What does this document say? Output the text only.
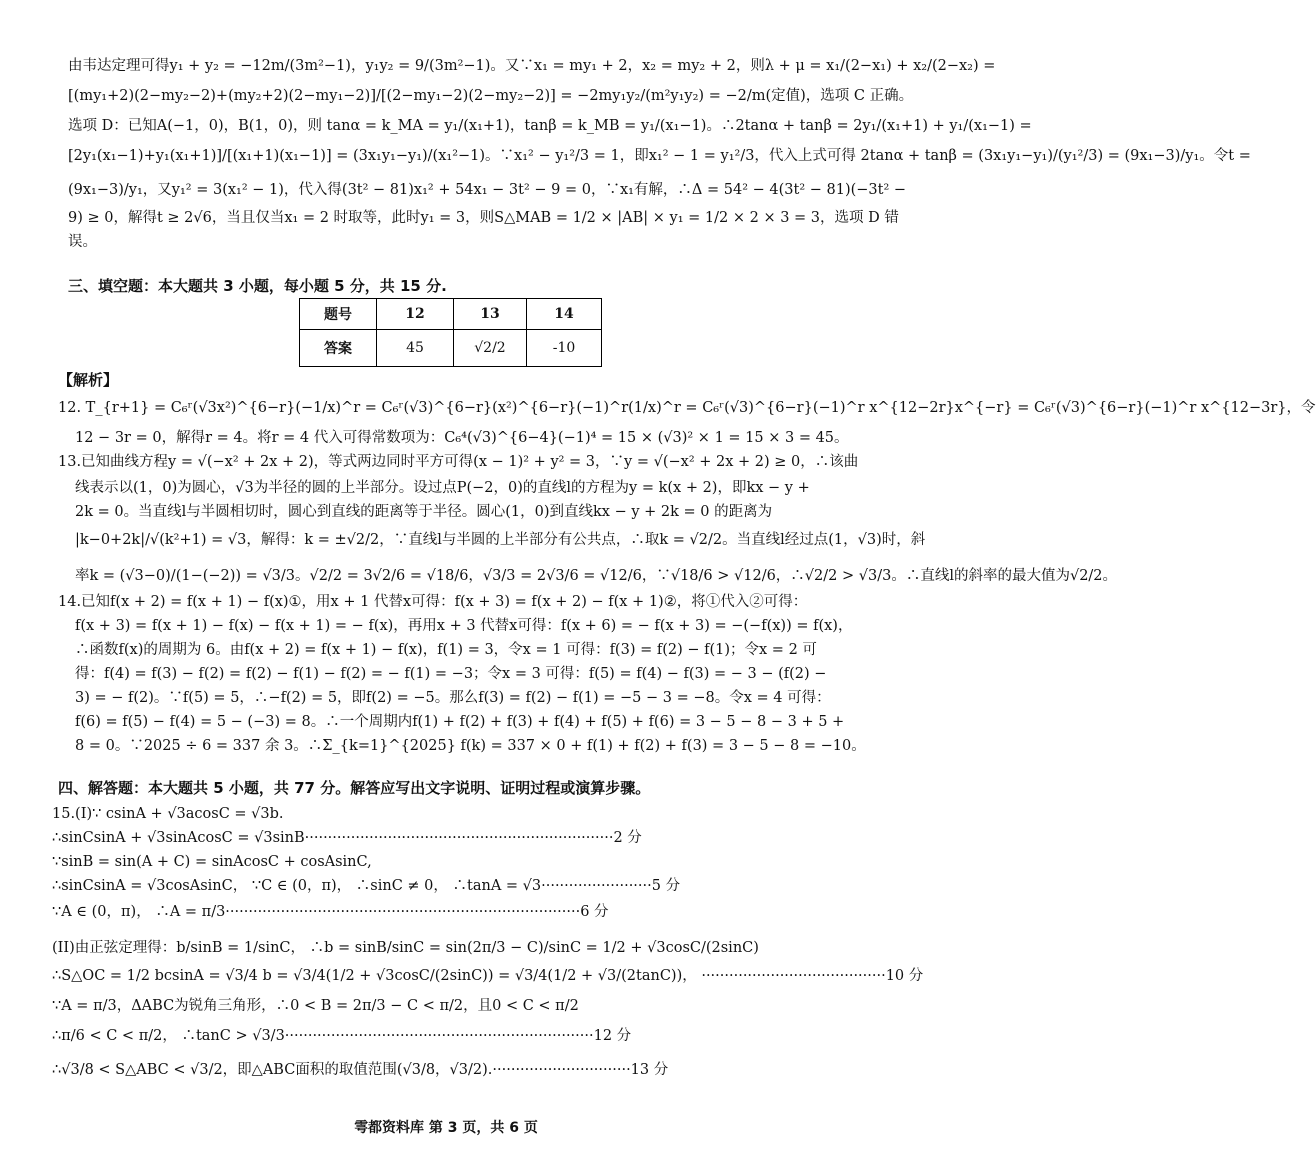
由韦达定理可得y₁ + y₂ = −12m/(3m²−1)，y₁y₂ = 9/(3m²−1)。又∵x₁ = my₁ + 2，x₂ = my₂ + 2，则λ + μ = x₁/(2−x₁) + x₂/(2−x₂) =
[(my₁+2)(2−my₂−2)+(my₂+2)(2−my₁−2)]/[(2−my₁−2)(2−my₂−2)] = −2my₁y₂/(m²y₁y₂) = −2/m(定值)，选项 C 正确。
选项 D：已知A(−1，0)，B(1，0)，则 tanα = k_MA = y₁/(x₁+1)，tanβ = k_MB = y₁/(x₁−1)。∴2tanα + tanβ = 2y₁/(x₁+1) + y₁/(x₁−1) =
[2y₁(x₁−1)+y₁(x₁+1)]/[(x₁+1)(x₁−1)] = (3x₁y₁−y₁)/(x₁²−1)。∵x₁² − y₁²/3 = 1，即x₁² − 1 = y₁²/3，代入上式可得 2tanα + tanβ = (3x₁y₁−y₁)/(y₁²/3) = (9x₁−3)/y₁。令t =
(9x₁−3)/y₁，又y₁² = 3(x₁² − 1)，代入得(3t² − 81)x₁² + 54x₁ − 3t² − 9 = 0，∵x₁有解，∴Δ = 54² − 4(3t² − 81)(−3t² −
9) ≥ 0，解得t ≥ 2√6，当且仅当x₁ = 2 时取等，此时y₁ = 3，则S△MAB = 1/2 × |AB| × y₁ = 1/2 × 2 × 3 = 3，选项 D 错
误。
三、填空题：本大题共 3 小题，每小题 5 分，共 15 分.
题号	12	13	14
答案	45	√2/2	-10
【解析】
12. T_{r+1} = C₆ʳ(√3x²)^{6−r}(−1/x)^r = C₆ʳ(√3)^{6−r}(x²)^{6−r}(−1)^r(1/x)^r = C₆ʳ(√3)^{6−r}(−1)^r x^{12−2r}x^{−r} = C₆ʳ(√3)^{6−r}(−1)^r x^{12−3r}，令
12 − 3r = 0，解得r = 4。将r = 4 代入可得常数项为：C₆⁴(√3)^{6−4}(−1)⁴ = 15 × (√3)² × 1 = 15 × 3 = 45。
13.已知曲线方程y = √(−x² + 2x + 2)，等式两边同时平方可得(x − 1)² + y² = 3，∵y = √(−x² + 2x + 2) ≥ 0，∴该曲
线表示以(1，0)为圆心，√3为半径的圆的上半部分。设过点P(−2，0)的直线l的方程为y = k(x + 2)，即kx − y +
2k = 0。当直线l与半圆相切时，圆心到直线的距离等于半径。圆心(1，0)到直线kx − y + 2k = 0 的距离为
|k−0+2k|/√(k²+1) = √3，解得：k = ±√2/2，∵直线l与半圆的上半部分有公共点，∴取k = √2/2。当直线l经过点(1，√3)时，斜
率k = (√3−0)/(1−(−2)) = √3/3。√2/2 = 3√2/6 = √18/6，√3/3 = 2√3/6 = √12/6，∵√18/6 > √12/6，∴√2/2 > √3/3。∴直线l的斜率的最大值为√2/2。
14.已知f(x + 2) = f(x + 1) − f(x)①，用x + 1 代替x可得：f(x + 3) = f(x + 2) − f(x + 1)②，将①代入②可得：
f(x + 3) = f(x + 1) − f(x) − f(x + 1) = − f(x)，再用x + 3 代替x可得：f(x + 6) = − f(x + 3) = −(−f(x)) = f(x)，
∴函数f(x)的周期为 6。由f(x + 2) = f(x + 1) − f(x)，f(1) = 3，令x = 1 可得：f(3) = f(2) − f(1)；令x = 2 可
得：f(4) = f(3) − f(2) = f(2) − f(1) − f(2) = − f(1) = −3；令x = 3 可得：f(5) = f(4) − f(3) = − 3 − (f(2) −
3) = − f(2)。∵f(5) = 5，∴−f(2) = 5，即f(2) = −5。那么f(3) = f(2) − f(1) = −5 − 3 = −8。令x = 4 可得：
f(6) = f(5) − f(4) = 5 − (−3) = 8。∴一个周期内f(1) + f(2) + f(3) + f(4) + f(5) + f(6) = 3 − 5 − 8 − 3 + 5 +
8 = 0。∵2025 ÷ 6 = 337 余 3。∴Σ_{k=1}^{2025} f(k) = 337 × 0 + f(1) + f(2) + f(3) = 3 − 5 − 8 = −10。
四、解答题：本大题共 5 小题，共 77 分。解答应写出文字说明、证明过程或演算步骤。
15.(I)∵ csinA + √3acosC = √3b.
∴sinCsinA + √3sinAcosC = √3sinB···································································2 分
∵sinB = sin(A + C) = sinAcosC + cosAsinC,
∴sinCsinA = √3cosAsinC， ∵C ∈ (0，π)， ∴sinC ≠ 0， ∴tanA = √3························5 分
∵A ∈ (0，π)， ∴A = π/3·············································································6 分
(II)由正弦定理得：b/sinB = 1/sinC， ∴b = sinB/sinC = sin(2π/3 − C)/sinC = 1/2 + √3cosC/(2sinC)
∴S△OC = 1/2 bcsinA = √3/4 b = √3/4(1/2 + √3cosC/(2sinC)) = √3/4(1/2 + √3/(2tanC))， ········································10 分
∵A = π/3，ΔABC为锐角三角形，∴0 < B = 2π/3 − C < π/2，且0 < C < π/2
∴π/6 < C < π/2， ∴tanC > √3/3···································································12 分
∴√3/8 < S△ABC < √3/2，即△ABC面积的取值范围(√3/8，√3/2).······························13 分
雩都资料库 第 3 页，共 6 页
